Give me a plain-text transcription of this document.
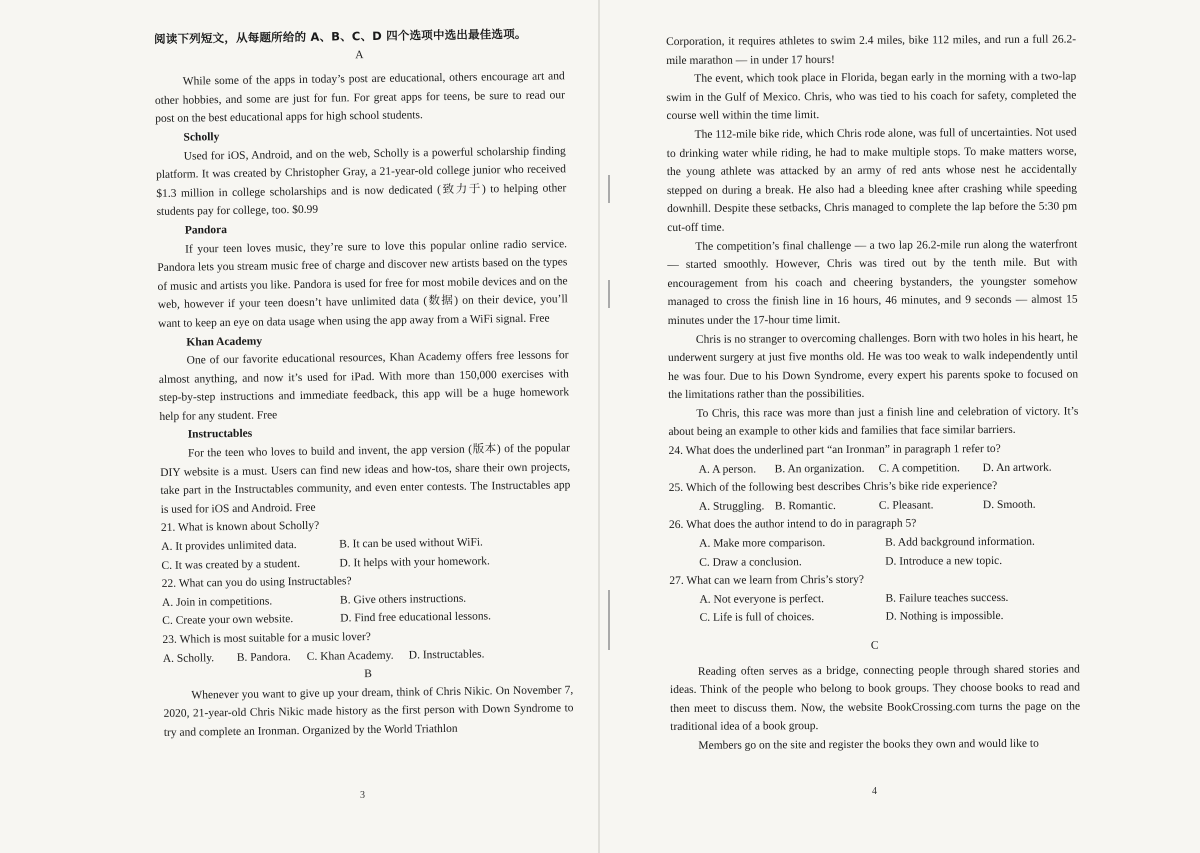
阅读下列短文，从每题所给的 A、B、C、D 四个选项中选出最佳选项。

A

While some of the apps in today’s post are educational, others encourage art and other hobbies, and some are just for fun. For great apps for teens, be sure to read our post on the best educational apps for high school students.

Scholly

Used for iOS, Android, and on the web, Scholly is a powerful scholarship finding platform. It was created by Christopher Gray, a 21-year-old college junior who received $1.3 million in college scholarships and is now dedicated (致力于) to helping other students pay for college, too. $0.99

Pandora

If your teen loves music, they’re sure to love this popular online radio service. Pandora lets you stream music free of charge and discover new artists based on the types of music and artists you like. Pandora is used for free for most mobile devices and on the web, however if your teen doesn’t have unlimited data (数据) on their device, you’ll want to keep an eye on data usage when using the app away from a WiFi signal. Free

Khan Academy

One of our favorite educational resources, Khan Academy offers free lessons for almost anything, and now it’s used for iPad. With more than 150,000 exercises with step-by-step instructions and immediate feedback, this app will be a huge homework help for any student. Free

Instructables

For the teen who loves to build and invent, the app version (版本) of the popular DIY website is a must. Users can find new ideas and how-tos, share their own projects, take part in the Instructables community, and even enter contests. The Instructables app is used for iOS and Android. Free

21. What is known about Scholly?

A. It provides unlimited data.	B. It can be used without WiFi.
C. It was created by a student.	D. It helps with your homework.

22. What can you do using Instructables?

A. Join in competitions.	B. Give others instructions.
C. Create your own website.	D. Find free educational lessons.

23. Which is most suitable for a music lover?

A. Scholly.	B. Pandora.	C. Khan Academy.	D. Instructables.

B

Whenever you want to give up your dream, think of Chris Nikic. On November 7, 2020, 21-year-old Chris Nikic made history as the first person with Down Syndrome to try and complete an Ironman. Organized by the World Triathlon

3

Corporation, it requires athletes to swim 2.4 miles, bike 112 miles, and run a full 26.2-mile marathon — in under 17 hours!

The event, which took place in Florida, began early in the morning with a two-lap swim in the Gulf of Mexico. Chris, who was tied to his coach for safety, completed the course well within the time limit.

The 112-mile bike ride, which Chris rode alone, was full of uncertainties. Not used to drinking water while riding, he had to make multiple stops. To make matters worse, the young athlete was attacked by an army of red ants whose nest he accidentally stepped on during a break. He also had a bleeding knee after crashing while speeding downhill. Despite these setbacks, Chris managed to complete the lap before the 5:30 pm cut-off time.

The competition’s final challenge — a two lap 26.2-mile run along the waterfront — started smoothly. However, Chris was tired out by the tenth mile. But with encouragement from his coach and cheering bystanders, the youngster somehow managed to cross the finish line in 16 hours, 46 minutes, and 9 seconds — almost 15 minutes under the 17-hour time limit.

Chris is no stranger to overcoming challenges. Born with two holes in his heart, he underwent surgery at just five months old. He was too weak to walk independently until he was four. Due to his Down Syndrome, every expert his parents spoke to focused on the limitations rather than the possibilities.

To Chris, this race was more than just a finish line and celebration of victory. It’s about being an example to other kids and families that face similar barriers.

24. What does the underlined part “an Ironman” in paragraph 1 refer to?

A. A person.	B. An organization.	C. A competition.	D. An artwork.

25. Which of the following best describes Chris’s bike ride experience?

A. Struggling. B. Romantic.	C. Pleasant.	D. Smooth.

26. What does the author intend to do in paragraph 5?

A. Make more comparison.	B. Add background information.
C. Draw a conclusion.	D. Introduce a new topic.

27. What can we learn from Chris’s story?

A. Not everyone is perfect.	B. Failure teaches success.
C. Life is full of choices.	D. Nothing is impossible.

C

Reading often serves as a bridge, connecting people through shared stories and ideas. Think of the people who belong to book groups. They choose books to read and then meet to discuss them. Now, the website BookCrossing.com turns the page on the traditional idea of a book group.

Members go on the site and register the books they own and would like to

4
